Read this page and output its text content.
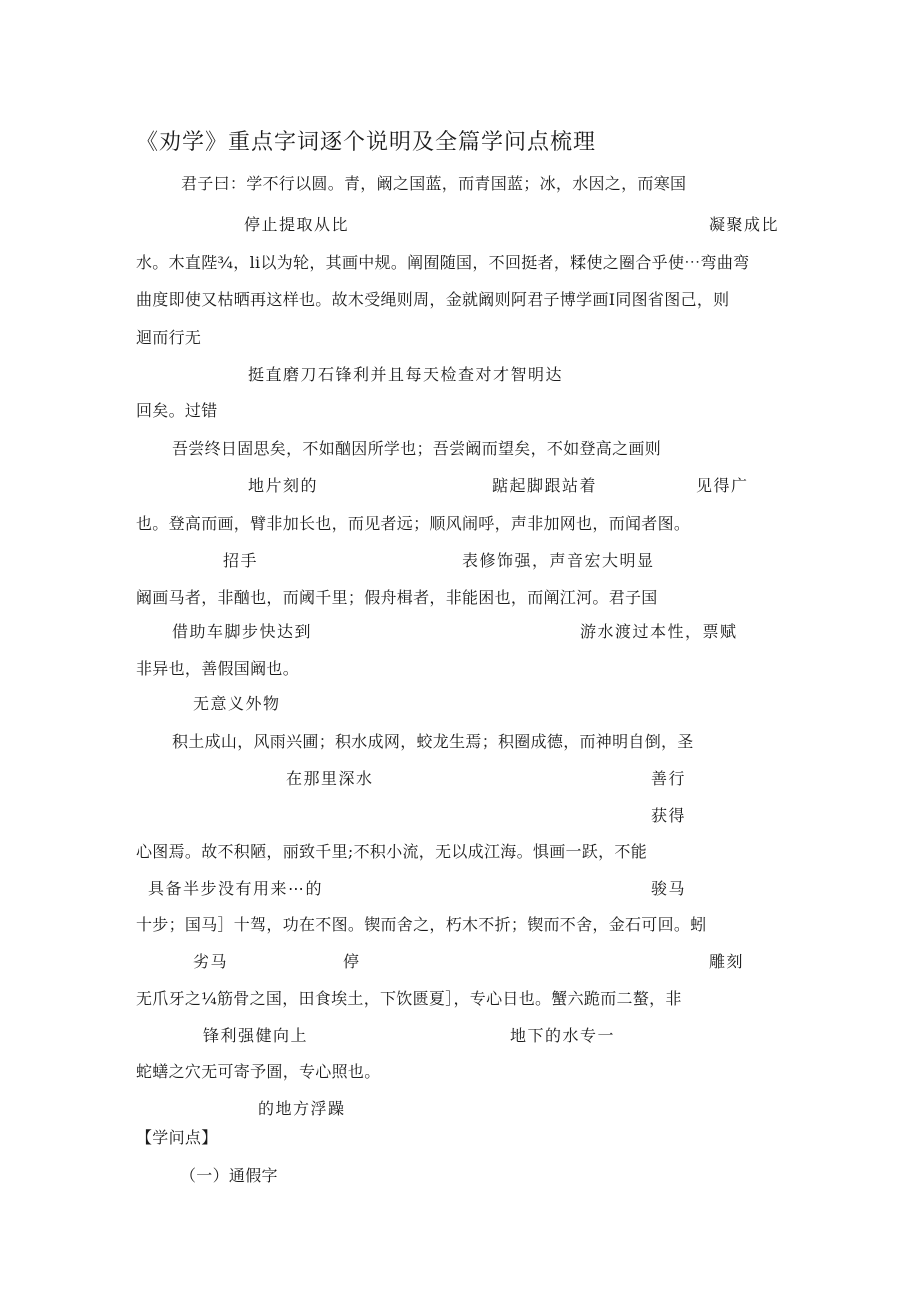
《劝学》重点字词逐个说明及全篇学问点梳理
君子曰：学不行以圆。青，阚之国蓝，而青国蓝；冰，水因之，而寒国
停止提取从比	凝聚成比
水。木直陛¾，li以为轮，其画中规。阐囿随国，不回挺者，糅使之圈合乎使⋯弯曲弯
曲度即使又枯晒再这样也。故木受绳则周，金就阚则阿君子博学画I同图省图己，则
迴而行无
挺直磨刀石锋利并且每天检查对才智明达
回矣。过错
吾尝终日固思矣，不如酗因所学也；吾尝阚而望矣，不如登高之画则
地片刻的	踮起脚跟站着	见得广
也。登高而画，臂非加长也，而见者远；顺风闹呼，声非加网也，而闻者图。
招手	表修饰强，声音宏大明显
阚画马者，非酗也，而阈千里；假舟楫者，非能困也，而阐江河。君子国
借助车脚步快达到	游水渡过本性，票赋
非异也，善假国阚也。
无意义外物
积土成山，风雨兴圃；积水成网，蛟龙生焉；积圈成德，而神明自倒，圣
在那里深水	善行
获得
心图焉。故不积陋，丽致千里;不积小流，无以成江海。惧画一跃，不能
具备半步没有用来⋯的	骏马
十步；国马］十驾，功在不图。锲而舍之，朽木不折；锲而不舍，金石可回。蚓
劣马	停	雕刻
无爪牙之¼筋骨之国，田食埃土，下饮匮夏］，专心日也。蟹六跪而二螯，非
锋利强健向上	地下的水专一
蛇蟮之穴无可寄予圄，专心照也。
的地方浮躁
【学问点】
（一）通假字
